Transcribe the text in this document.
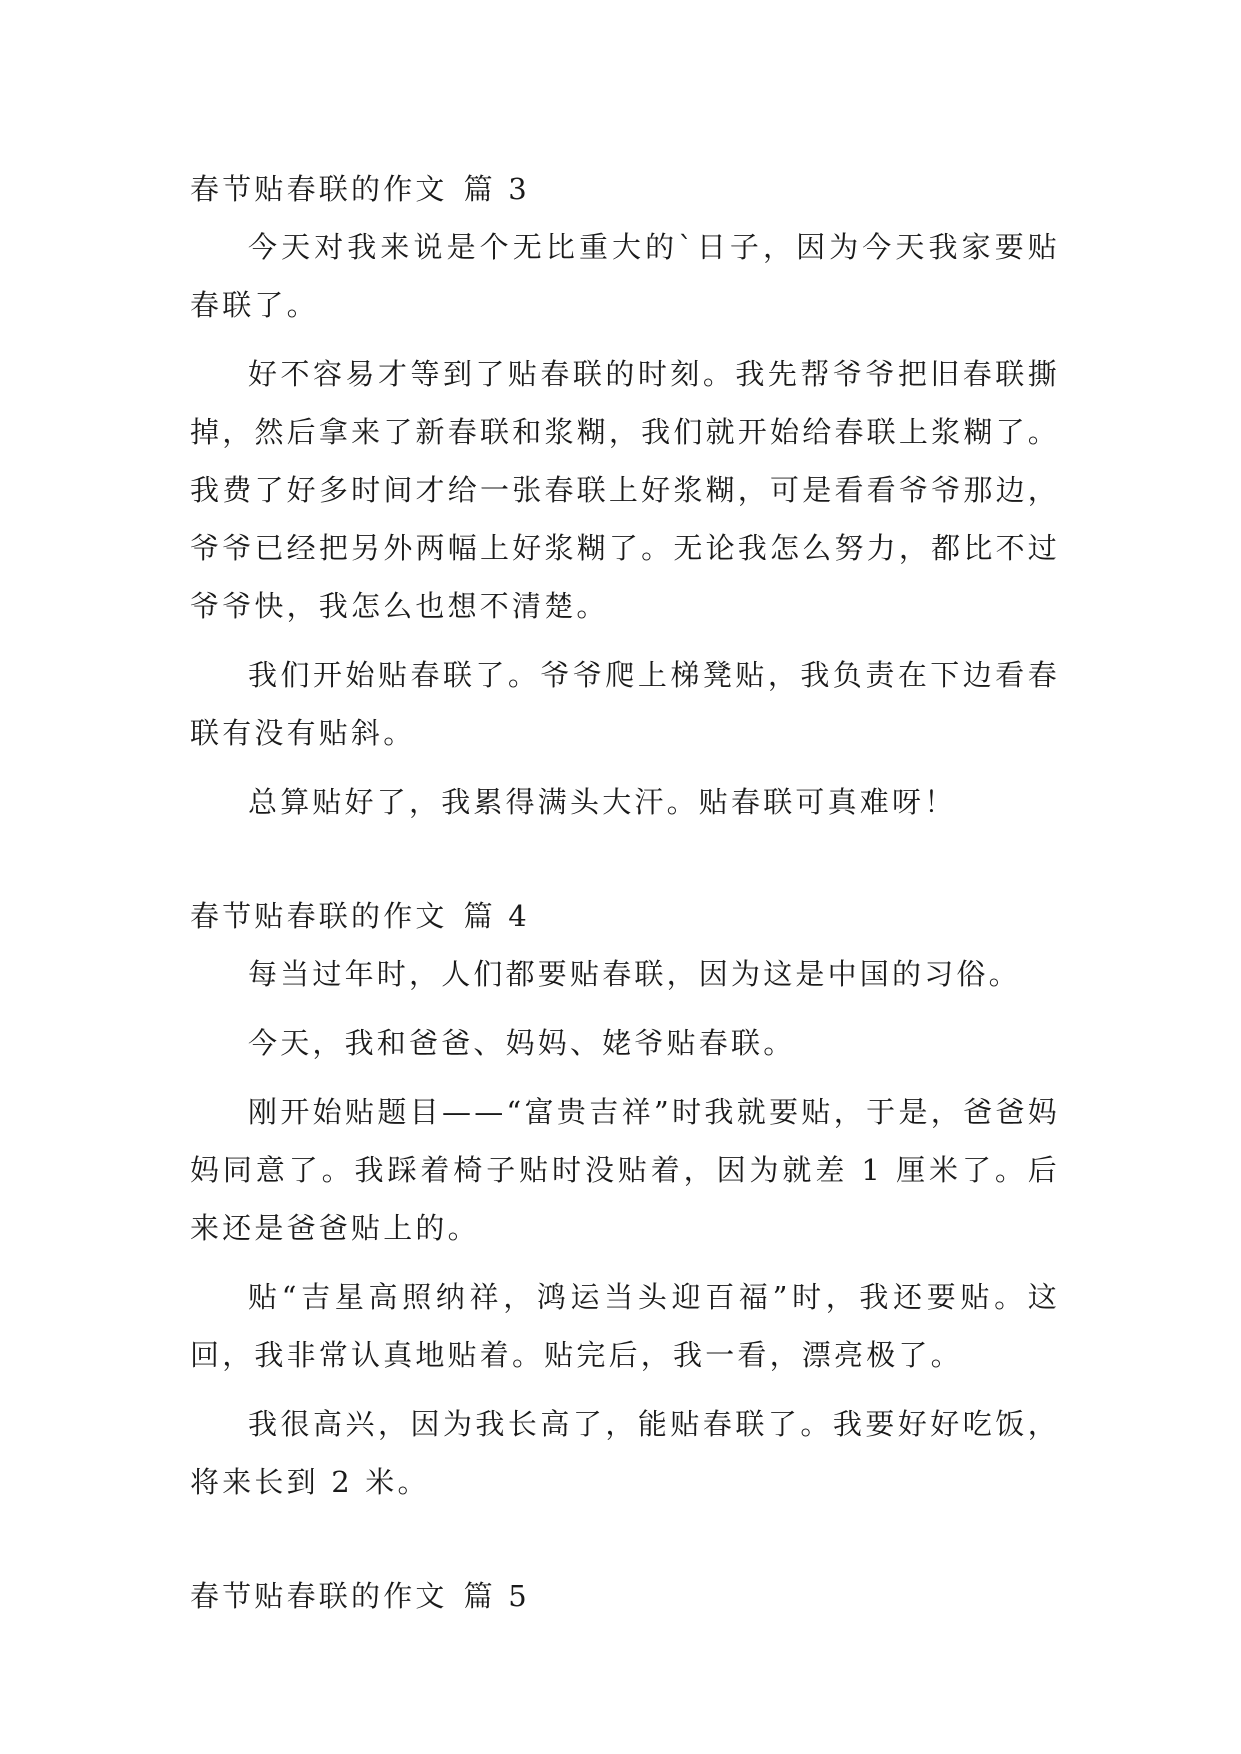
春节贴春联的作文 篇 3

今天对我来说是个无比重大的`日子，因为今天我家要贴春联了。

好不容易才等到了贴春联的时刻。我先帮爷爷把旧春联撕掉，然后拿来了新春联和浆糊，我们就开始给春联上浆糊了。我费了好多时间才给一张春联上好浆糊，可是看看爷爷那边，爷爷已经把另外两幅上好浆糊了。无论我怎么努力，都比不过爷爷快，我怎么也想不清楚。

我们开始贴春联了。爷爷爬上梯凳贴，我负责在下边看春联有没有贴斜。

总算贴好了，我累得满头大汗。贴春联可真难呀！

春节贴春联的作文 篇 4

每当过年时，人们都要贴春联，因为这是中国的习俗。

今天，我和爸爸、妈妈、姥爷贴春联。

刚开始贴题目——“富贵吉祥”时我就要贴，于是，爸爸妈妈同意了。我踩着椅子贴时没贴着，因为就差 1 厘米了。后来还是爸爸贴上的。

贴“吉星高照纳祥，鸿运当头迎百福”时，我还要贴。这回，我非常认真地贴着。贴完后，我一看，漂亮极了。

我很高兴，因为我长高了，能贴春联了。我要好好吃饭，将来长到 2 米。

春节贴春联的作文 篇 5
